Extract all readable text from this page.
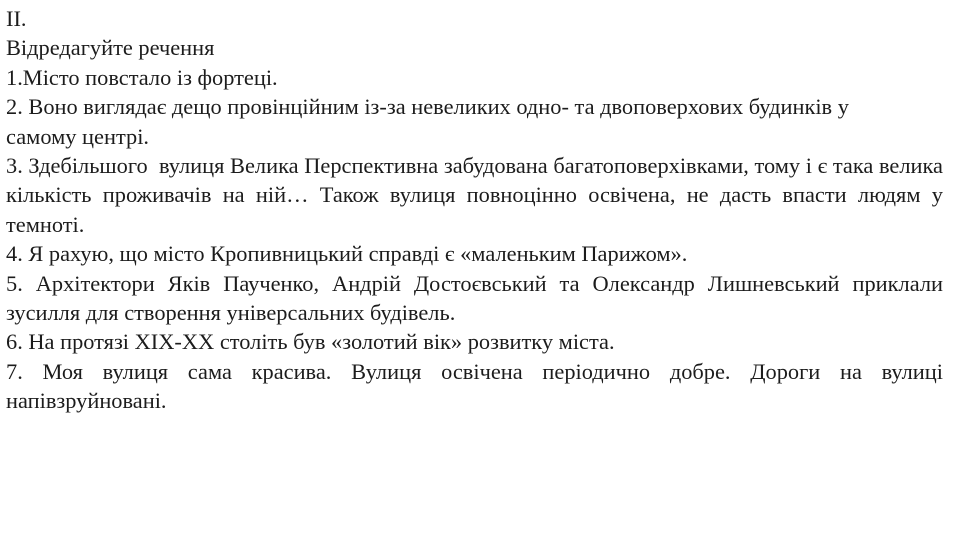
II.

Відредагуйте речення

1.Місто повстало із фортеці.

2. Воно виглядає дещо провінційним із-за невеликих одно- та двоповерхових будинків у самому центрі.

3. Здебільшого  вулиця Велика Перспективна забудована багатоповерхівками, тому і є така велика кількість проживачів на ній… Також вулиця повноцінно освічена, не дасть впасти людям у темноті.

4. Я рахую, що місто Кропивницький справді є «маленьким Парижом».

5. Архітектори Яків Паученко, Андрій Достоєвський та Олександр Лишневський приклали зусилля для створення універсальних будівель.

6. На протязі XIX-XX століть був «золотий вік» розвитку міста.

7. Моя вулиця сама красива. Вулиця освічена періодично добре. Дороги на вулиці напівзруйновані.
